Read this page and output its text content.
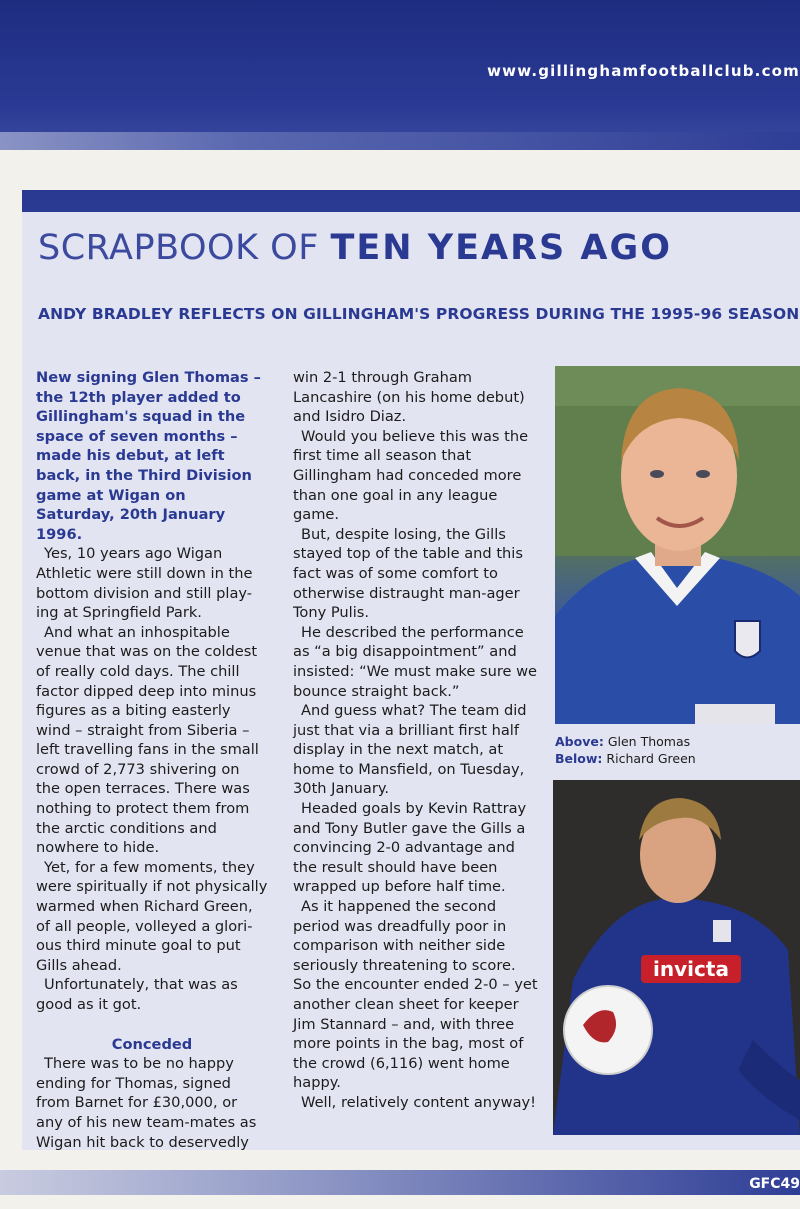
www.gillinghamfootballclub.com
SCRAPBOOK OF TEN YEARS AGO
ANDY BRADLEY REFLECTS ON GILLINGHAM'S PROGRESS DURING THE 1995-96 SEASON

New signing Glen Thomas – the 12th player added to Gillingham's squad in the space of seven months – made his debut, at left back, in the Third Division game at Wigan on Saturday, 20th January 1996.

Yes, 10 years ago Wigan Athletic were still down in the bottom division and still play-ing at Springfield Park.

And what an inhospitable venue that was on the coldest of really cold days. The chill factor dipped deep into minus figures as a biting easterly wind – straight from Siberia – left travelling fans in the small crowd of 2,773 shivering on the open terraces. There was nothing to protect them from the arctic conditions and nowhere to hide.

Yet, for a few moments, they were spiritually if not physically warmed when Richard Green, of all people, volleyed a glori-ous third minute goal to put Gills ahead.

Unfortunately, that was as good as it got.

Conceded

There was to be no happy ending for Thomas, signed from Barnet for £30,000, or any of his new team-mates as Wigan hit back to deservedly

win 2-1 through Graham Lancashire (on his home debut) and Isidro Diaz.

Would you believe this was the first time all season that Gillingham had conceded more than one goal in any league game.

But, despite losing, the Gills stayed top of the table and this fact was of some comfort to otherwise distraught man-ager Tony Pulis.

He described the performance as “a big disappointment” and insisted: “We must make sure we bounce straight back.”

And guess what? The team did just that via a brilliant first half display in the next match, at home to Mansfield, on Tuesday, 30th January.

Headed goals by Kevin Rattray and Tony Butler gave the Gills a convincing 2-0 advantage and the result should have been wrapped up before half time.

As it happened the second period was dreadfully poor in comparison with neither side seriously threatening to score. So the encounter ended 2-0 – yet another clean sheet for keeper Jim Stannard – and, with three more points in the bag, most of the crowd (6,116) went home happy.

Well, relatively content anyway!

Above: Glen Thomas
Below: Richard Green
invicta
GFC49
